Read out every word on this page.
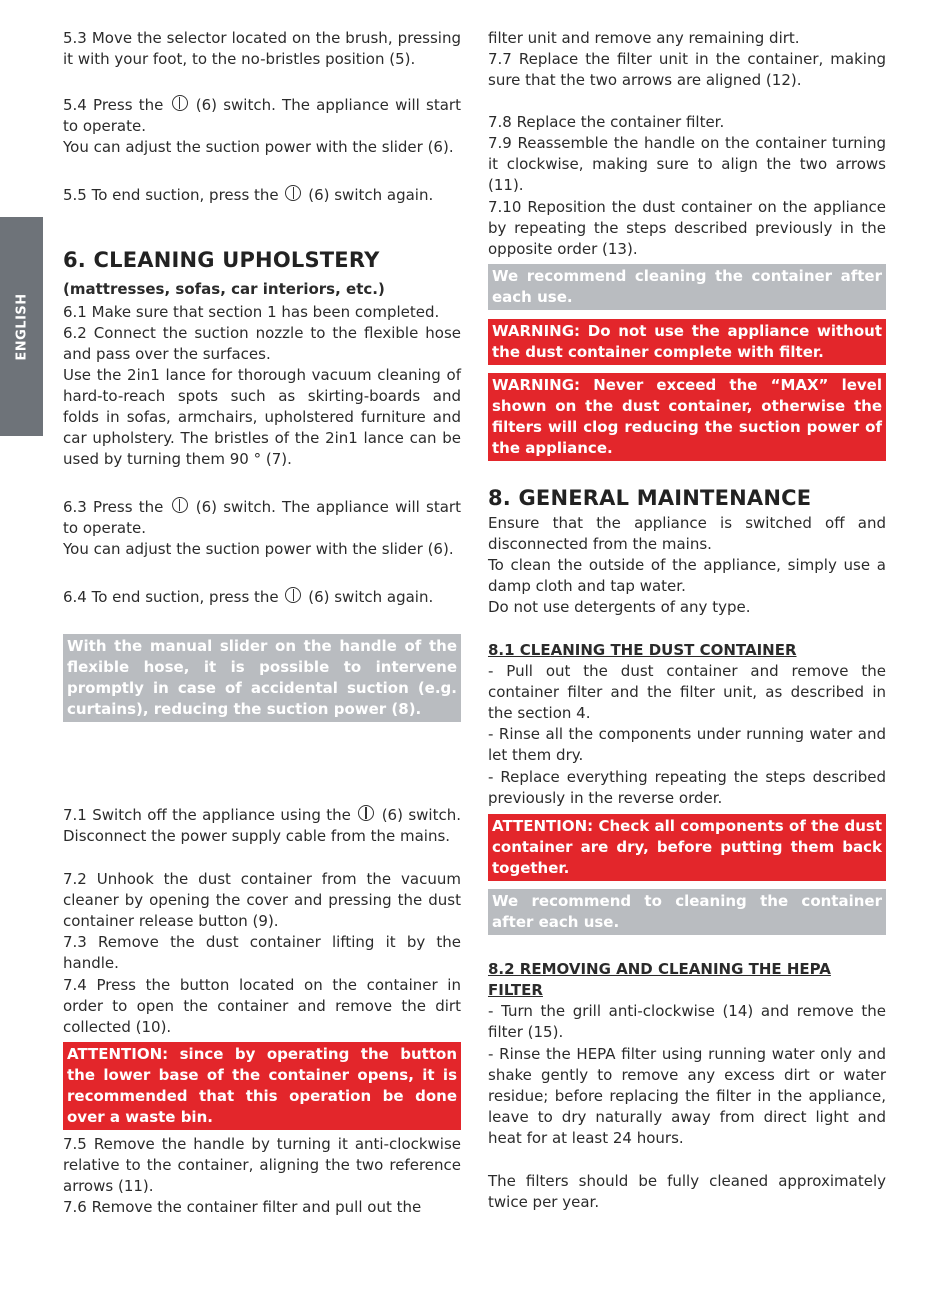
ENGLISH

5.3 Move the selector located on the brush, pressing it with your foot, to the no-bristles position (5).

5.4 Press the (6) switch. The appliance will start to operate.

You can adjust the suction power with the slider (6).

5.5 To end suction, press the (6) switch again.

6. CLEANING UPHOLSTERY

(mattresses, sofas, car interiors, etc.)

6.1 Make sure that section 1 has been completed.

6.2 Connect the suction nozzle to the flexible hose and pass over the surfaces.

Use the 2in1 lance for thorough vacuum cleaning of hard-to-reach spots such as skirting-boards and folds in sofas, armchairs, upholstered furniture and car upholstery. The bristles of the 2in1 lance can be used by turning them 90 ° (7).

6.3 Press the (6) switch. The appliance will start to operate.

You can adjust the suction power with the slider (6).

6.4 To end suction, press the (6) switch again.

With the manual slider on the handle of the flexible hose, it is possible to intervene promptly in case of accidental suction (e.g. curtains), reducing the suction power (8).

7.1 Switch off the appliance using the (6) switch. Disconnect the power supply cable from the mains.

7.2 Unhook the dust container from the vacuum cleaner by opening the cover and pressing the dust container release button (9).

7.3 Remove the dust container lifting it by the handle.

7.4 Press the button located on the container in order to open the container and remove the dirt collected (10).

ATTENTION: since by operating the button the lower base of the container opens, it is recommended that this operation be done over a waste bin.

7.5 Remove the handle by turning it anti-clockwise relative to the container, aligning the two reference arrows (11).

7.6 Remove the container filter and pull out the

filter unit and remove any remaining dirt.

7.7 Replace the filter unit in the container, making sure that the two arrows are aligned (12).

7.8 Replace the container filter.

7.9 Reassemble the handle on the container turning it clockwise, making sure to align the two arrows (11).

7.10 Reposition the dust container on the appliance by repeating the steps described previously in the opposite order (13).

We recommend cleaning the container after each use.
WARNING: Do not use the appliance without the dust container complete with filter.
WARNING: Never exceed the “MAX” level shown on the dust container, otherwise the filters will clog reducing the suction power of the appliance.
8. GENERAL MAINTENANCE

Ensure that the appliance is switched off and disconnected from the mains.

To clean the outside of the appliance, simply use a damp cloth and tap water.

Do not use detergents of any type.

8.1 CLEANING THE DUST CONTAINER

- Pull out the dust container and remove the container filter and the filter unit, as described in the section 4.

- Rinse all the components under running water and let them dry.

- Replace everything repeating the steps described previously in the reverse order.

ATTENTION: Check all components of the dust container are dry, before putting them back together.
We recommend to cleaning the container after each use.

8.2 REMOVING AND CLEANING THE HEPA FILTER

- Turn the grill anti-clockwise (14) and remove the filter (15).

- Rinse the HEPA filter using running water only and shake gently to remove any excess dirt or water residue; before replacing the filter in the appliance, leave to dry naturally away from direct light and heat for at least 24 hours.

The filters should be fully cleaned approximately twice per year.
